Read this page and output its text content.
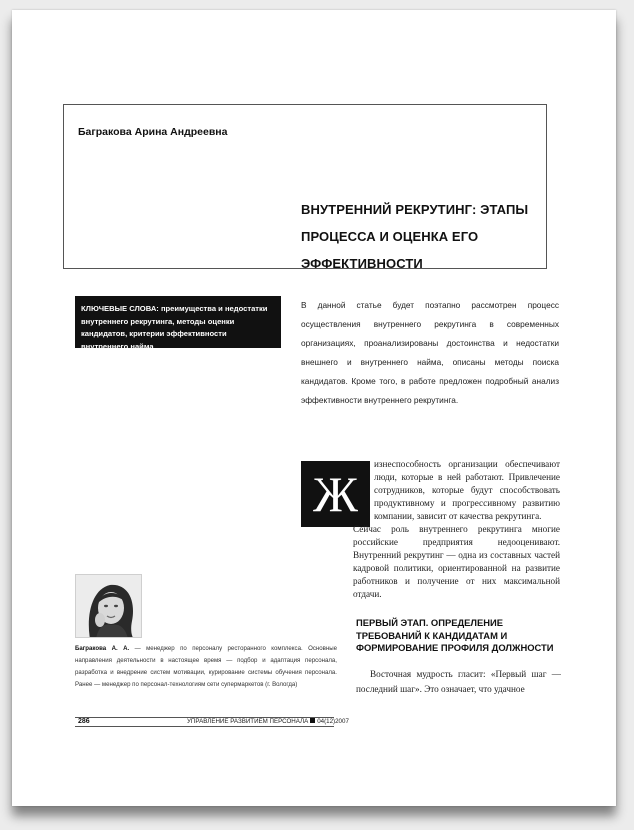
Багракова Арина Андреевна
ВНУТРЕННИЙ РЕКРУТИНГ: ЭТАПЫ
ПРОЦЕССА И ОЦЕНКА ЕГО
ЭФФЕКТИВНОСТИ
КЛЮЧЕВЫЕ СЛОВА: преимущества и недостатки внутреннего рекрутинга, методы оценки кандидатов, критерии эффективности внутреннего найма
В данной статье будет поэтапно рассмотрен процесс осуществления внутреннего рекрутинга в современных организациях, проанализированы достоинства и недостатки внешнего и внутреннего найма, описаны методы поиска кандидатов. Кроме того, в работе предложен подробный анализ эффективности внутреннего рекрутинга.
Ж
изнеспособность организации обеспечивают люди, которые в ней работают. Привлечение сотрудников, которые будут способствовать продуктивному и прогрессивному развитию компании, зависит от качества рекрутинга.
Сейчас роль внутреннего рекрутинга многие российские предприятия недооценивают. Внутренний рекрутинг — одна из составных частей кадровой политики, ориентированной на развитие работников и получение от них максимальной отдачи.
ПЕРВЫЙ ЭТАП. ОПРЕДЕЛЕНИЕ ТРЕБОВАНИЙ К КАНДИДАТАМ И ФОРМИРОВАНИЕ ПРОФИЛЯ ДОЛЖНОСТИ
Восточная мудрость гласит: «Первый шаг — последний шаг». Это означает, что удачное
Багракова А. А. — менеджер по персоналу ресторанного комплекса. Основные направления деятельности в настоящее время — подбор и адаптация персонала, разработка и внедрение систем мотивации, курирование системы обучения персонала. Ранее — менеджер по персонал-технологиям сети супермаркетов (г. Вологда)
286	УПРАВЛЕНИЕ РАЗВИТИЕМ ПЕРСОНАЛА 04(12)2007
